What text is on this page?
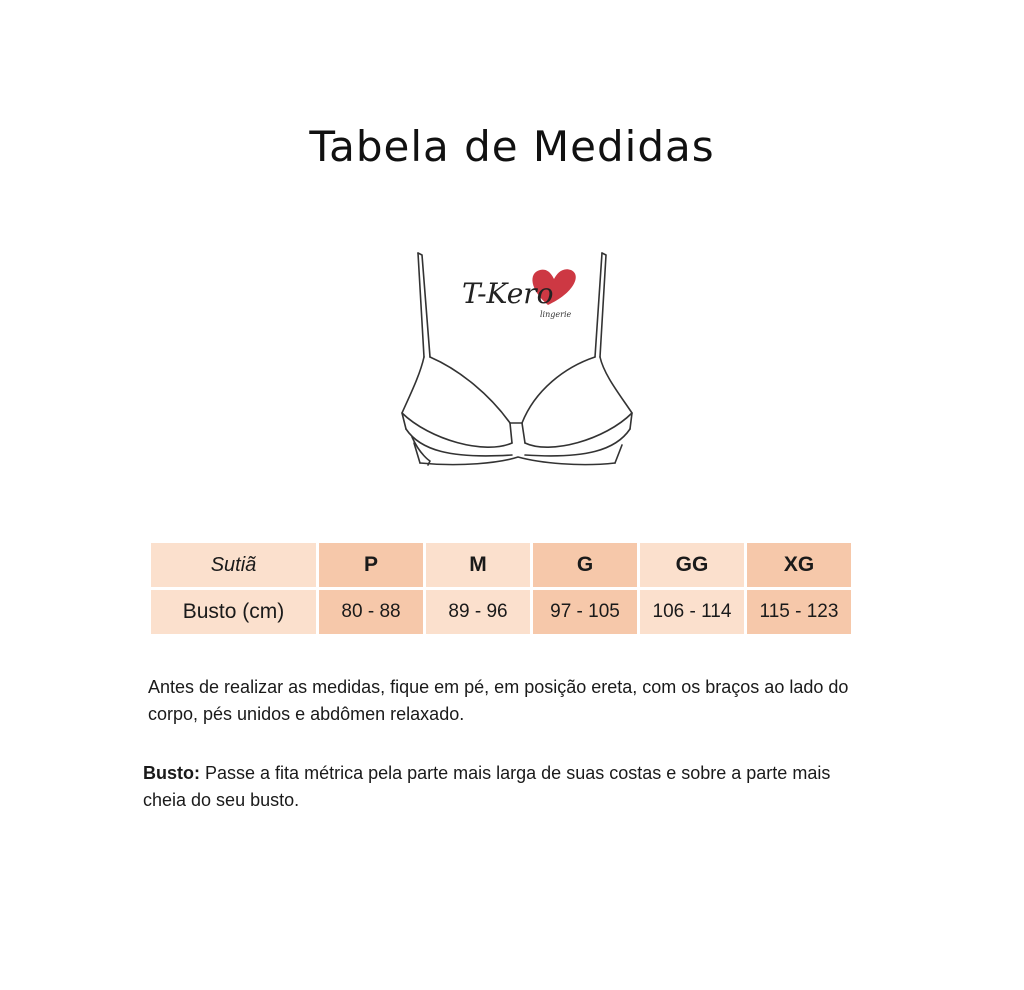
Tabela de Medidas
T-Kero
lingerie
Sutiã	P	M	G	GG	XG
Busto (cm)	80 - 88	89 - 96	97 - 105	106 - 114	115 - 123
Antes de realizar as medidas, fique em pé, em posição ereta, com os braços ao lado do corpo, pés unidos e abdômen relaxado.
Busto: Passe a fita métrica pela parte mais larga de suas costas e sobre a parte mais cheia do seu busto.
